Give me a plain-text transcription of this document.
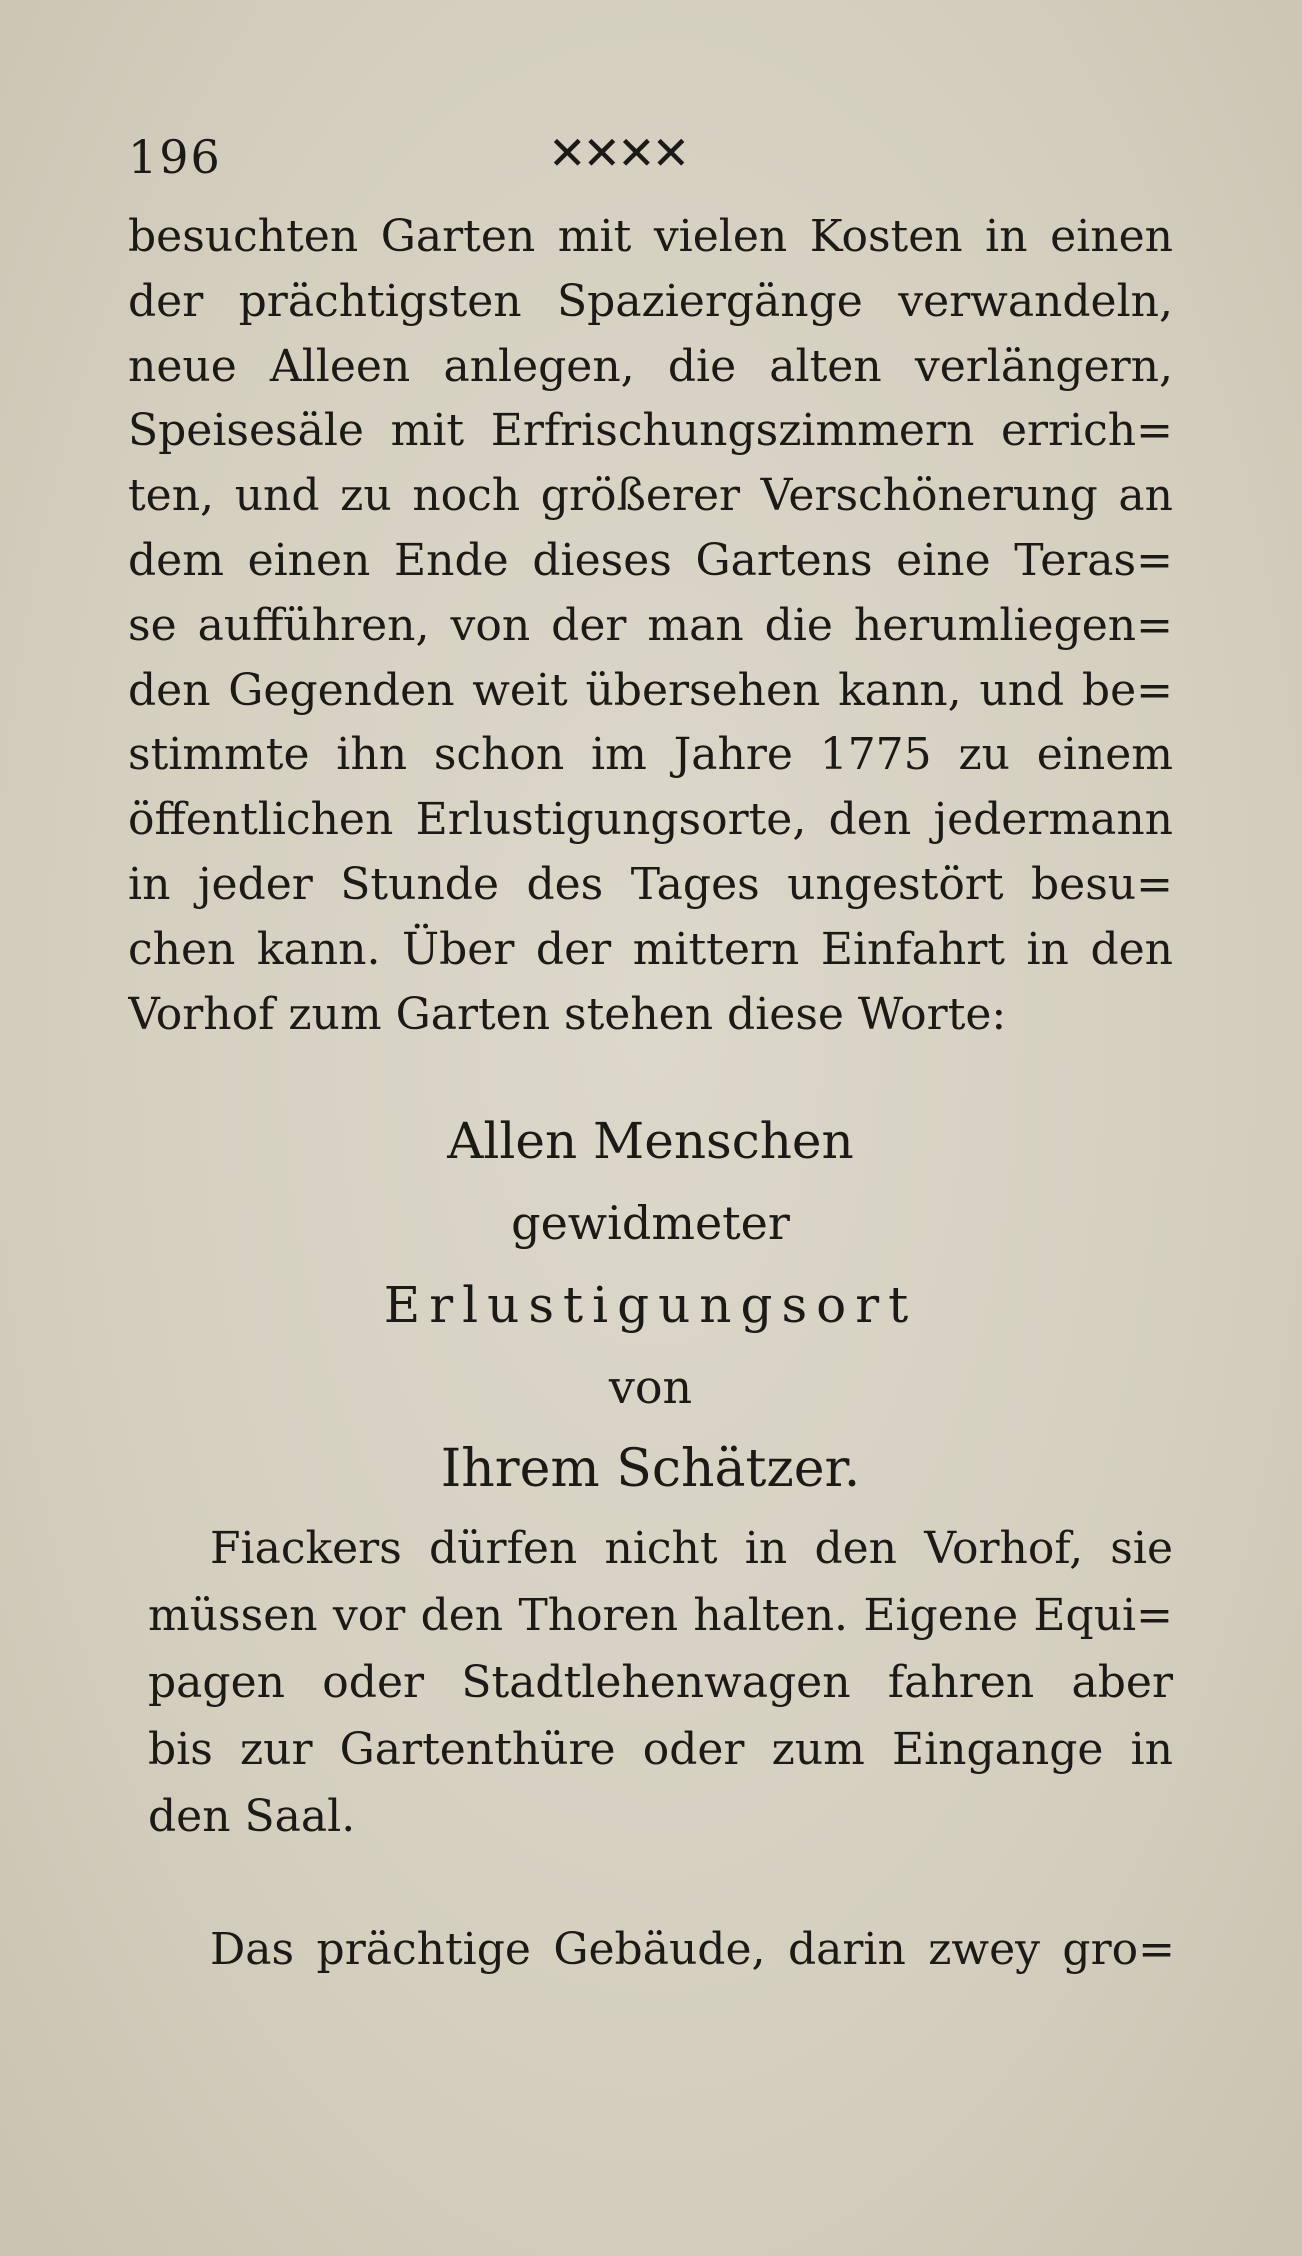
196	✕✕✕✕
besuchten Garten mit vielen Kosten in einen
der prächtigsten Spaziergänge verwandeln,
neue Alleen anlegen, die alten verlängern,
Speisesäle mit Erfrischungszimmern errich=
ten, und zu noch größerer Verschönerung an
dem einen Ende dieses Gartens eine Teras=
se aufführen, von der man die herumliegen=
den Gegenden weit übersehen kann, und be=
stimmte ihn schon im Jahre 1775 zu einem
öffentlichen Erlustigungsorte, den jedermann
in jeder Stunde des Tages ungestört besu=
chen kann. Über der mittern Einfahrt in den
Vorhof zum Garten stehen diese Worte:
Allen Menschen
gewidmeter
Erlustigungsort
von
Ihrem Schätzer.
Fiackers dürfen nicht in den Vorhof, sie
müssen vor den Thoren halten. Eigene Equi=
pagen oder Stadtlehenwagen fahren aber
bis zur Gartenthüre oder zum Eingange in
den Saal.
Das prächtige Gebäude, darin zwey gro=
